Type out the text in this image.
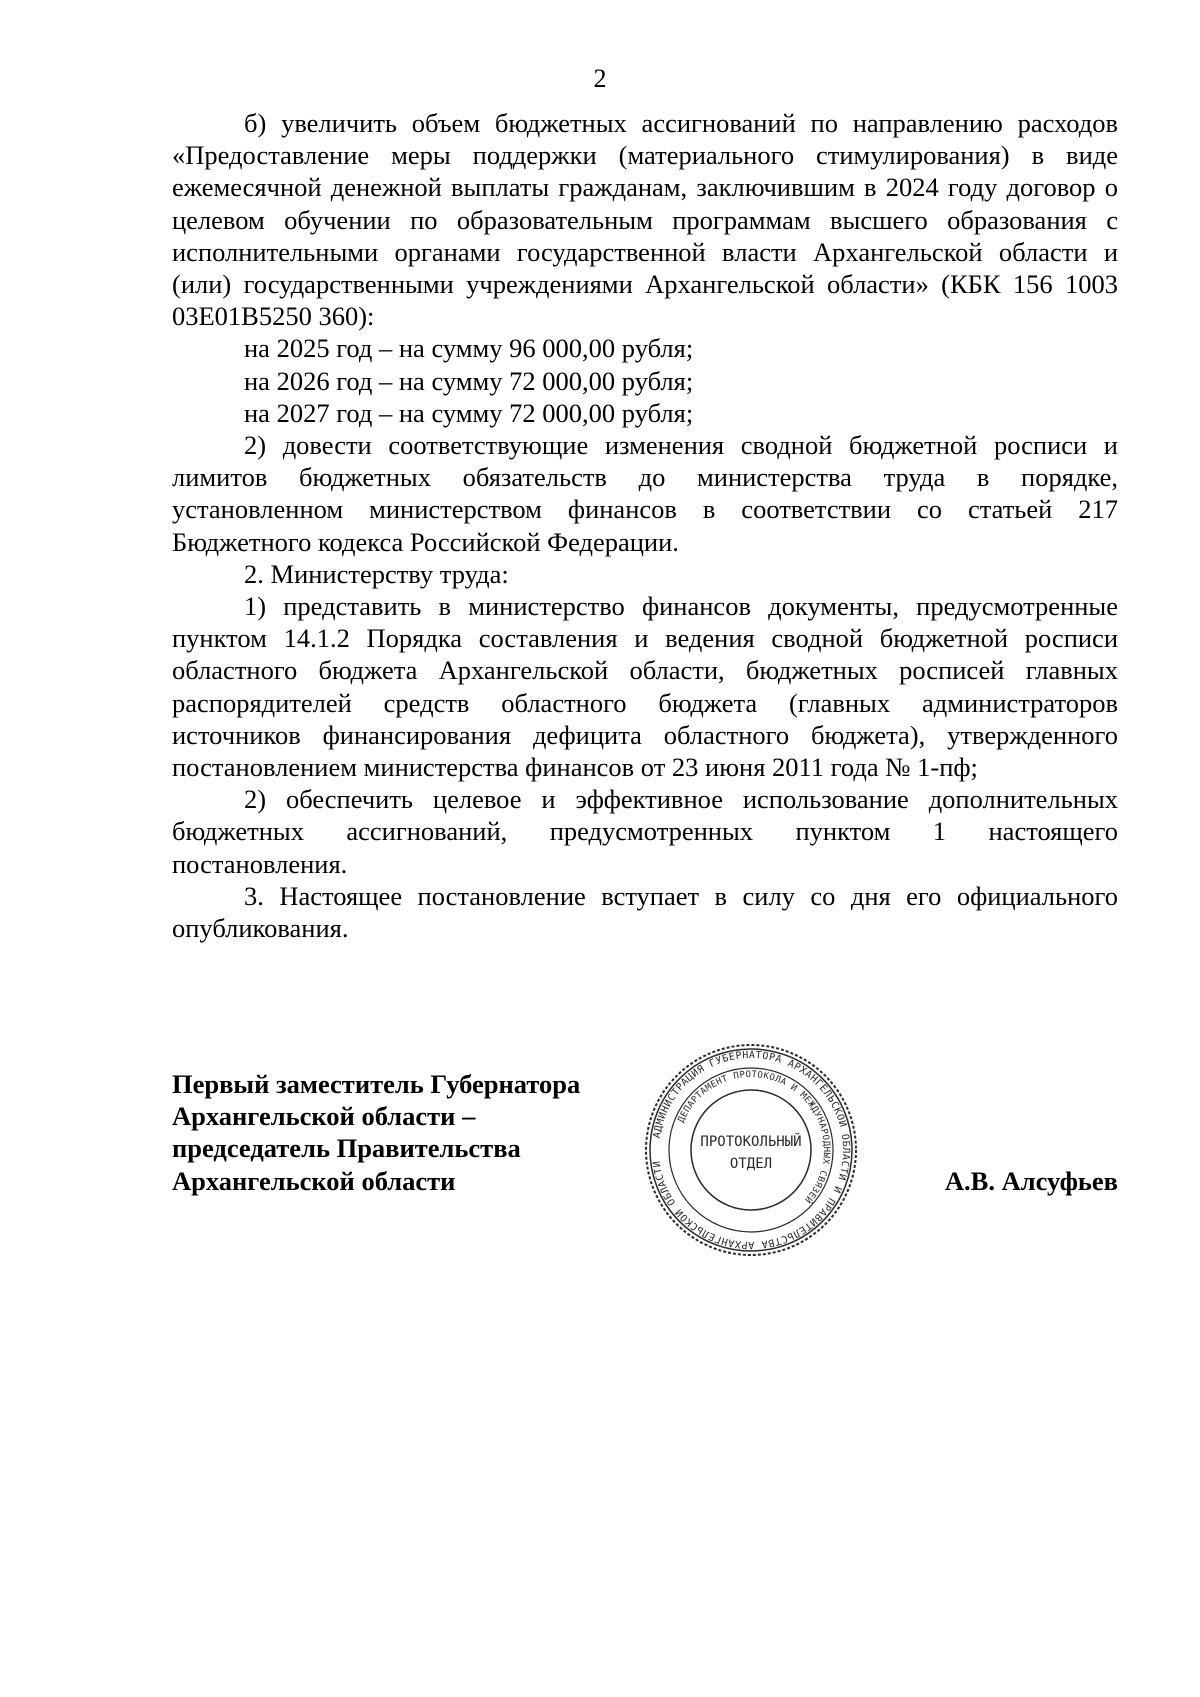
2

б) увеличить объем бюджетных ассигнований по направлению расходов «Предоставление меры поддержки (материального стимулирования) в виде ежемесячной денежной выплаты гражданам, заключившим в 2024 году договор о целевом обучении по образовательным программам высшего образования с исполнительными органами государственной власти Архангельской области и (или) государственными учреждениями Архангельской области» (КБК 156 1003 03Е01В5250 360):

на 2025 год – на сумму 96 000,00 рубля;

на 2026 год – на сумму 72 000,00 рубля;

на 2027 год – на сумму 72 000,00 рубля;

2) довести соответствующие изменения сводной бюджетной росписи и лимитов бюджетных обязательств до министерства труда в порядке, установленном министерством финансов в соответствии со статьей 217 Бюджетного кодекса Российской Федерации.

2. Министерству труда:

1) представить в министерство финансов документы, предусмотренные пунктом 14.1.2 Порядка составления и ведения сводной бюджетной росписи областного бюджета Архангельской области, бюджетных росписей главных распорядителей средств областного бюджета (главных администраторов источников финансирования дефицита областного бюджета), утвержденного постановлением министерства финансов от 23 июня 2011 года № 1-пф;

2) обеспечить целевое и эффективное использование дополнительных бюджетных ассигнований, предусмотренных пунктом 1 настоящего постановления.

3. Настоящее постановление вступает в силу со дня его официального опубликования.

Первый заместитель Губернатора
Архангельской области –
председатель Правительства
Архангельской области
АДМИНИСТРАЦИЯ ГУБЕРНАТОРА АРХАНГЕЛЬСКОЙ ОБЛАСТИ И ПРАВИТЕЛЬСТВА АРХАНГЕЛЬСКОЙ ОБЛАСТИ
ДЕПАРТАМЕНТ ПРОТОКОЛА И МЕЖДУНАРОДНЫХ СВЯЗЕЙ
ПРОТОКОЛЬНЫЙ
ОТДЕЛ
А.В. Алсуфьев
